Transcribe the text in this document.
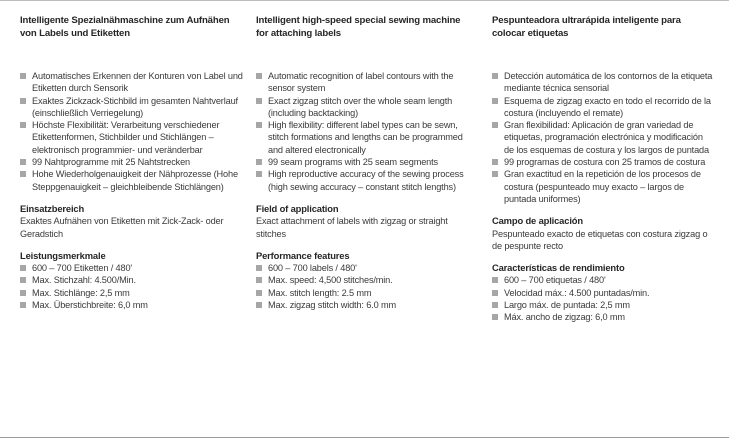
Intelligente Spezialnähmaschine zum Aufnähen
von Labels und Etiketten

Automatisches Erkennen der Konturen von Label und Etiketten durch Sensorik
Exaktes Zickzack-Stichbild im gesamten Nahtverlauf (einschließlich Verriegelung)
Höchste Flexibilität: Verarbeitung verschiedener Etikettenformen, Stichbilder und Stichlängen – elektronisch programmier- und veränderbar
99 Nahtprogramme mit 25 Nahtstrecken
Hohe Wiederholgenauigkeit der Nähprozesse (Hohe Steppgenauigkeit – gleichbleibende Stichlängen)

Einsatzbereich

Exaktes Aufnähen von Etiketten mit Zick-Zack- oder Geradstich

Leistungsmerkmale

600 – 700 Etiketten / 480'
Max. Stichzahl: 4.500/Min.
Max. Stichlänge: 2,5 mm
Max. Überstichbreite: 6,0 mm

Intelligent high-speed special sewing machine
for attaching labels

Automatic recognition of label contours with the sensor system
Exact zigzag stitch over the whole seam length (including backtacking)
High flexibility: different label types can be sewn, stitch formations and lengths can be programmed and altered electronically
99 seam programs with 25 seam segments
High reproductive accuracy of the sewing process (high sewing accuracy – constant stitch lengths)

Field of application

Exact attachment of labels with zigzag or straight stitches

Performance features

600 – 700 labels / 480'
Max. speed: 4,500 stitches/min.
Max. stitch length: 2.5 mm
Max. zigzag stitch width: 6.0 mm

Pespunteadora ultrarápida inteligente para
colocar etiquetas

Detección automática de los contornos de la etiqueta mediante técnica sensorial
Esquema de zigzag exacto en todo el recorrido de la costura (incluyendo el remate)
Gran flexibilidad: Aplicación de gran variedad de etiquetas, programación electrónica y modificación de los esquemas de costura y los largos de puntada
99 programas de costura con 25 tramos de costura
Gran exactitud en la repetición de los procesos de costura (pespunteado muy exacto – largos de puntada uniformes)

Campo de aplicación

Pespunteado exacto de etiquetas con costura zigzag o de pespunte recto

Características de rendimiento

600 – 700 etiquetas / 480'
Velocidad máx.: 4.500 puntadas/min.
Largo máx. de puntada: 2,5 mm
Máx. ancho de zigzag: 6,0 mm
